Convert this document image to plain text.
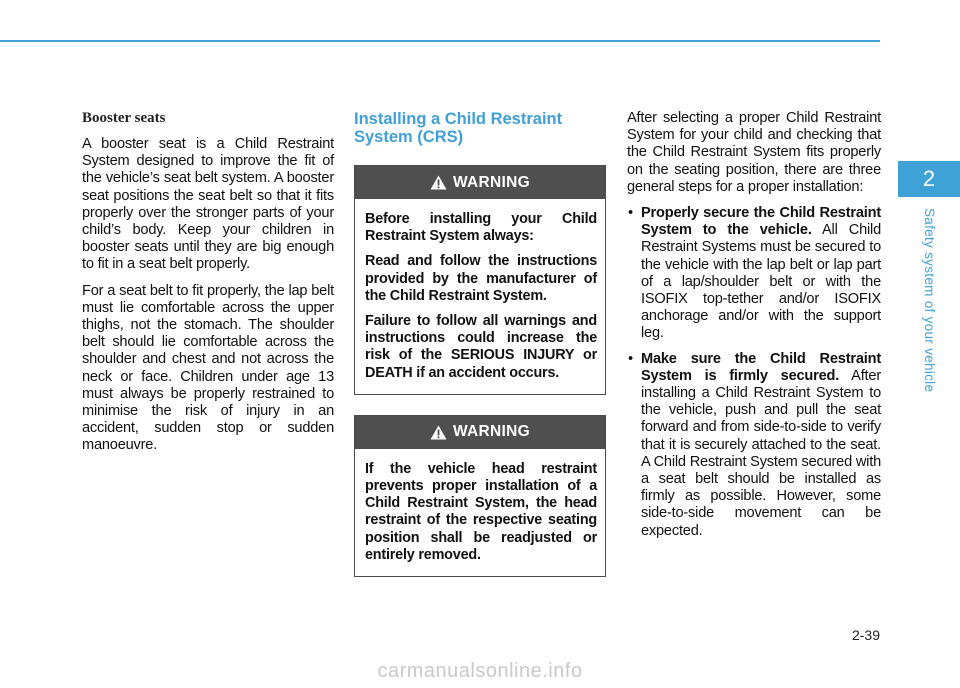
Booster seats

A booster seat is a Child Restraint System designed to improve the fit of the vehicle’s seat belt system. A booster seat positions the seat belt so that it fits properly over the stronger parts of your child’s body. Keep your children in booster seats until they are big enough to fit in a seat belt properly.

For a seat belt to fit properly, the lap belt must lie comfortable across the upper thighs, not the stomach. The shoulder belt should lie comfortable across the shoulder and chest and not across the neck or face. Children under age 13 must always be properly restrained to minimise the risk of injury in an accident, sudden stop or sudden manoeuvre.

Installing a Child Restraint System (CRS)
WARNING

Before installing your Child Restraint System always:

Read and follow the instructions provided by the manufacturer of the Child Restraint System.

Failure to follow all warnings and instructions could increase the risk of the SERIOUS INJURY or DEATH if an accident occurs.

WARNING

If the vehicle head restraint prevents proper installation of a Child Restraint System, the head restraint of the respective seating position shall be readjusted or entirely removed.

After selecting a proper Child Restraint System for your child and checking that the Child Restraint System fits properly on the seating position, there are three general steps for a proper installation:

• Properly secure the Child Restraint System to the vehicle. All Child Restraint Systems must be secured to the vehicle with the lap belt or lap part of a lap/shoulder belt or with the ISOFIX top-tether and/or ISOFIX anchorage and/or with the support leg.
• Make sure the Child Restraint System is firmly secured. After installing a Child Restraint System to the vehicle, push and pull the seat forward and from side-to-side to verify that it is securely attached to the seat. A Child Restraint System secured with a seat belt should be installed as firmly as possible. However, some side-to-side movement can be expected.
2
Safety system of your vehicle
2-39
carmanualsonline.info
